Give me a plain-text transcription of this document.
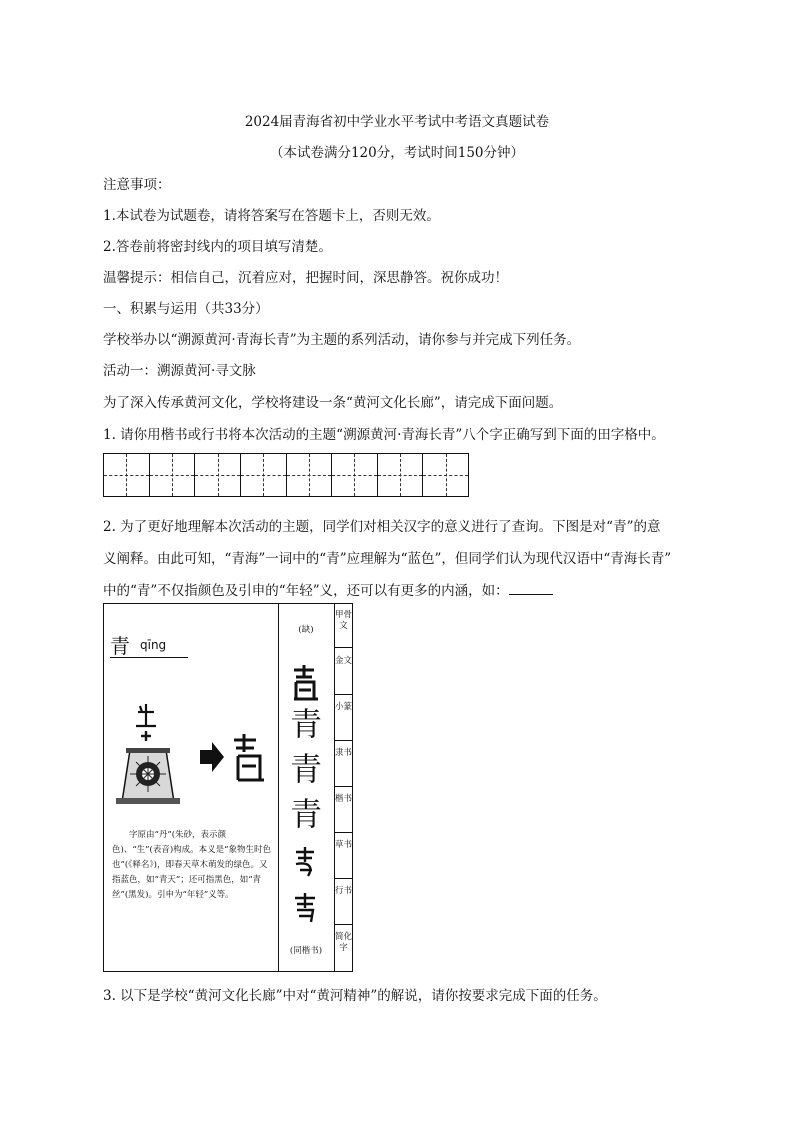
2024届青海省初中学业水平考试中考语文真题试卷
（本试卷满分120分，考试时间150分钟）
注意事项：
1.本试卷为试题卷，请将答案写在答题卡上，否则无效。
2.答卷前将密封线内的项目填写清楚。
温馨提示：相信自己，沉着应对，把握时间，深思静答。祝你成功！
一、积累与运用（共33分）
学校举办以“溯源黄河·青海长青”为主题的系列活动，请你参与并完成下列任务。
活动一：溯源黄河·寻文脉
为了深入传承黄河文化，学校将建设一条“黄河文化长廊”，请完成下面问题。
1. 请你用楷书或行书将本次活动的主题“溯源黄河·青海长青”八个字正确写到下面的田字格中。
2. 为了更好地理解本次活动的主题，同学们对相关汉字的意义进行了查询。下图是对“青”的意
义阐释。由此可知，“青海”一词中的“青”应理解为“蓝色”，但同学们认为现代汉语中“青海长青”
中的“青”不仅指颜色及引申的“年轻”义，还可以有更多的内涵，如：
青 qīng
字原由“丹”(朱砂，表示颜色)、“生”(表音)构成。本义是“象物生时色也”(《释名》)，即春天草木萌发的绿色。又指蓝色，如“青天”；还可指黑色，如“青丝”(黑发)。引申为“年轻”义等。
(缺)
青
青
青
(同楷书)
甲骨文
金文
小篆
隶书
楷书
草书
行书
简化字
3. 以下是学校“黄河文化长廊”中对“黄河精神”的解说，请你按要求完成下面的任务。
